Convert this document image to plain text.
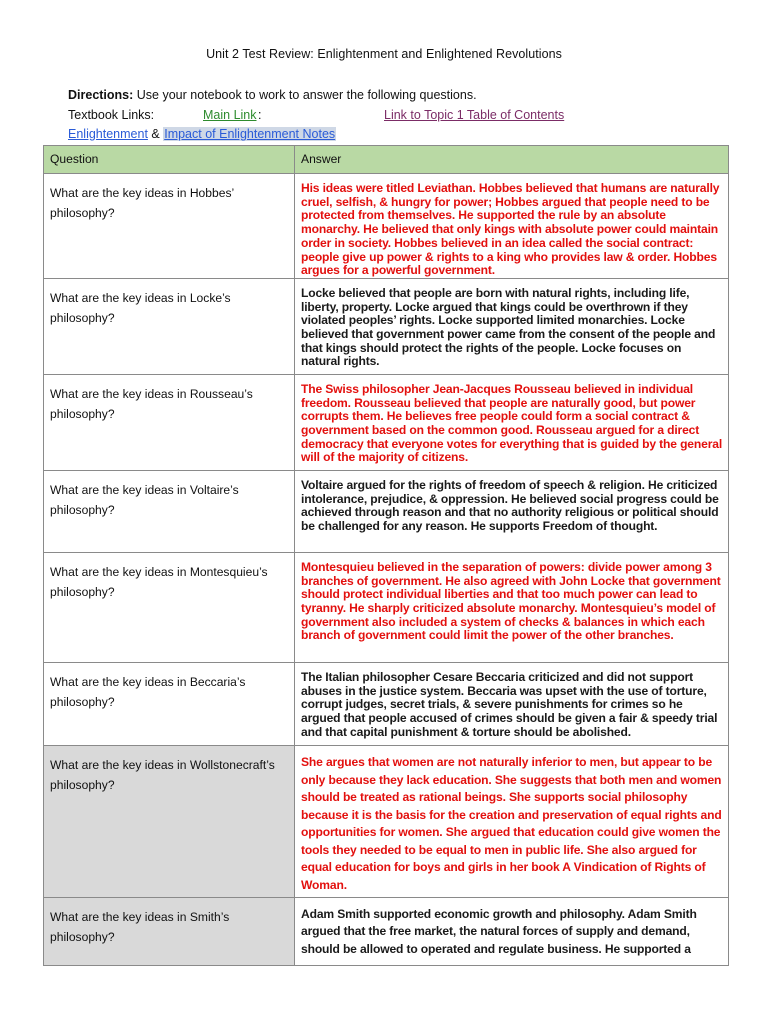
Unit 2 Test Review: Enlightenment and Enlightened Revolutions
Directions: Use your notebook to work to answer the following questions.
Textbook Links:	Main Link :	Link to Topic 1 Table of Contents
Enlightenment & Impact of Enlightenment Notes
Question	Answer
What are the key ideas in Hobbes’ philosophy?	His ideas were titled Leviathan. Hobbes believed that humans are naturally cruel, selfish, & hungry for power; Hobbes argued that people need to be protected from themselves. He supported the rule by an absolute monarchy. He believed that only kings with absolute power could maintain order in society. Hobbes believed in an idea called the social contract: people give up power & rights to a king who provides law & order. Hobbes argues for a powerful government.
What are the key ideas in Locke’s philosophy?	Locke believed that people are born with natural rights, including life, liberty, property. Locke argued that kings could be overthrown if they violated peoples’ rights. Locke supported limited monarchies. Locke believed that government power came from the consent of the people and that kings should protect the rights of the people. Locke focuses on natural rights.
What are the key ideas in Rousseau’s philosophy?	The Swiss philosopher Jean-Jacques Rousseau believed in individual freedom. Rousseau believed that people are naturally good, but power corrupts them. He believes free people could form a social contract & government based on the common good. Rousseau argued for a direct democracy that everyone votes for everything that is guided by the general will of the majority of citizens.
What are the key ideas in Voltaire’s philosophy?	Voltaire argued for the rights of freedom of speech & religion. He criticized intolerance, prejudice, & oppression. He believed social progress could be achieved through reason and that no authority religious or political should be challenged for any reason. He supports Freedom of thought.
What are the key ideas in Montesquieu’s philosophy?	Montesquieu believed in the separation of powers: divide power among 3 branches of government. He also agreed with John Locke that government should protect individual liberties and that too much power can lead to tyranny. He sharply criticized absolute monarchy. Montesquieu’s model of government also included a system of checks & balances in which each branch of government could limit the power of the other branches.
What are the key ideas in Beccaria’s philosophy?	The Italian philosopher Cesare Beccaria criticized and did not support abuses in the justice system. Beccaria was upset with the use of torture, corrupt judges, secret trials, & severe punishments for crimes so he argued that people accused of crimes should be given a fair & speedy trial and that capital punishment & torture should be abolished.
What are the key ideas in Wollstonecraft’s philosophy?	She argues that women are not naturally inferior to men, but appear to be only because they lack education. She suggests that both men and women should be treated as rational beings. She supports social philosophy because it is the basis for the creation and preservation of equal rights and opportunities for women. She argued that education could give women the tools they needed to be equal to men in public life. She also argued for equal education for boys and girls in her book A Vindication of Rights of Woman.
What are the key ideas in Smith’s philosophy?	Adam Smith supported economic growth and philosophy. Adam Smith argued that the free market, the natural forces of supply and demand, should be allowed to operated and regulate business. He supported a
